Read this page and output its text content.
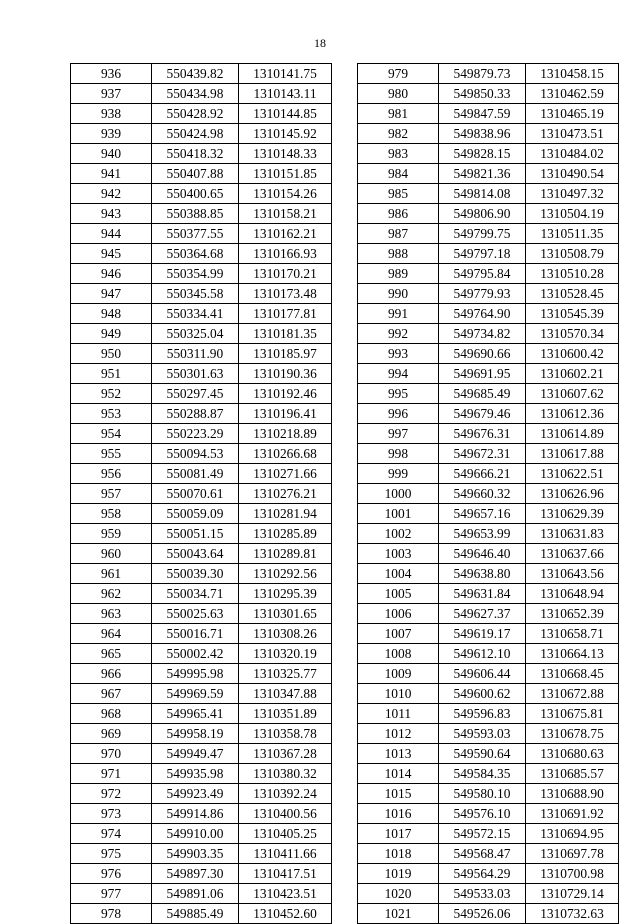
18
936	550439.82	1310141.75
937	550434.98	1310143.11
938	550428.92	1310144.85
939	550424.98	1310145.92
940	550418.32	1310148.33
941	550407.88	1310151.85
942	550400.65	1310154.26
943	550388.85	1310158.21
944	550377.55	1310162.21
945	550364.68	1310166.93
946	550354.99	1310170.21
947	550345.58	1310173.48
948	550334.41	1310177.81
949	550325.04	1310181.35
950	550311.90	1310185.97
951	550301.63	1310190.36
952	550297.45	1310192.46
953	550288.87	1310196.41
954	550223.29	1310218.89
955	550094.53	1310266.68
956	550081.49	1310271.66
957	550070.61	1310276.21
958	550059.09	1310281.94
959	550051.15	1310285.89
960	550043.64	1310289.81
961	550039.30	1310292.56
962	550034.71	1310295.39
963	550025.63	1310301.65
964	550016.71	1310308.26
965	550002.42	1310320.19
966	549995.98	1310325.77
967	549969.59	1310347.88
968	549965.41	1310351.89
969	549958.19	1310358.78
970	549949.47	1310367.28
971	549935.98	1310380.32
972	549923.49	1310392.24
973	549914.86	1310400.56
974	549910.00	1310405.25
975	549903.35	1310411.66
976	549897.30	1310417.51
977	549891.06	1310423.51
978	549885.49	1310452.60
979	549879.73	1310458.15
980	549850.33	1310462.59
981	549847.59	1310465.19
982	549838.96	1310473.51
983	549828.15	1310484.02
984	549821.36	1310490.54
985	549814.08	1310497.32
986	549806.90	1310504.19
987	549799.75	1310511.35
988	549797.18	1310508.79
989	549795.84	1310510.28
990	549779.93	1310528.45
991	549764.90	1310545.39
992	549734.82	1310570.34
993	549690.66	1310600.42
994	549691.95	1310602.21
995	549685.49	1310607.62
996	549679.46	1310612.36
997	549676.31	1310614.89
998	549672.31	1310617.88
999	549666.21	1310622.51
1000	549660.32	1310626.96
1001	549657.16	1310629.39
1002	549653.99	1310631.83
1003	549646.40	1310637.66
1004	549638.80	1310643.56
1005	549631.84	1310648.94
1006	549627.37	1310652.39
1007	549619.17	1310658.71
1008	549612.10	1310664.13
1009	549606.44	1310668.45
1010	549600.62	1310672.88
1011	549596.83	1310675.81
1012	549593.03	1310678.75
1013	549590.64	1310680.63
1014	549584.35	1310685.57
1015	549580.10	1310688.90
1016	549576.10	1310691.92
1017	549572.15	1310694.95
1018	549568.47	1310697.78
1019	549564.29	1310700.98
1020	549533.03	1310729.14
1021	549526.06	1310732.63
